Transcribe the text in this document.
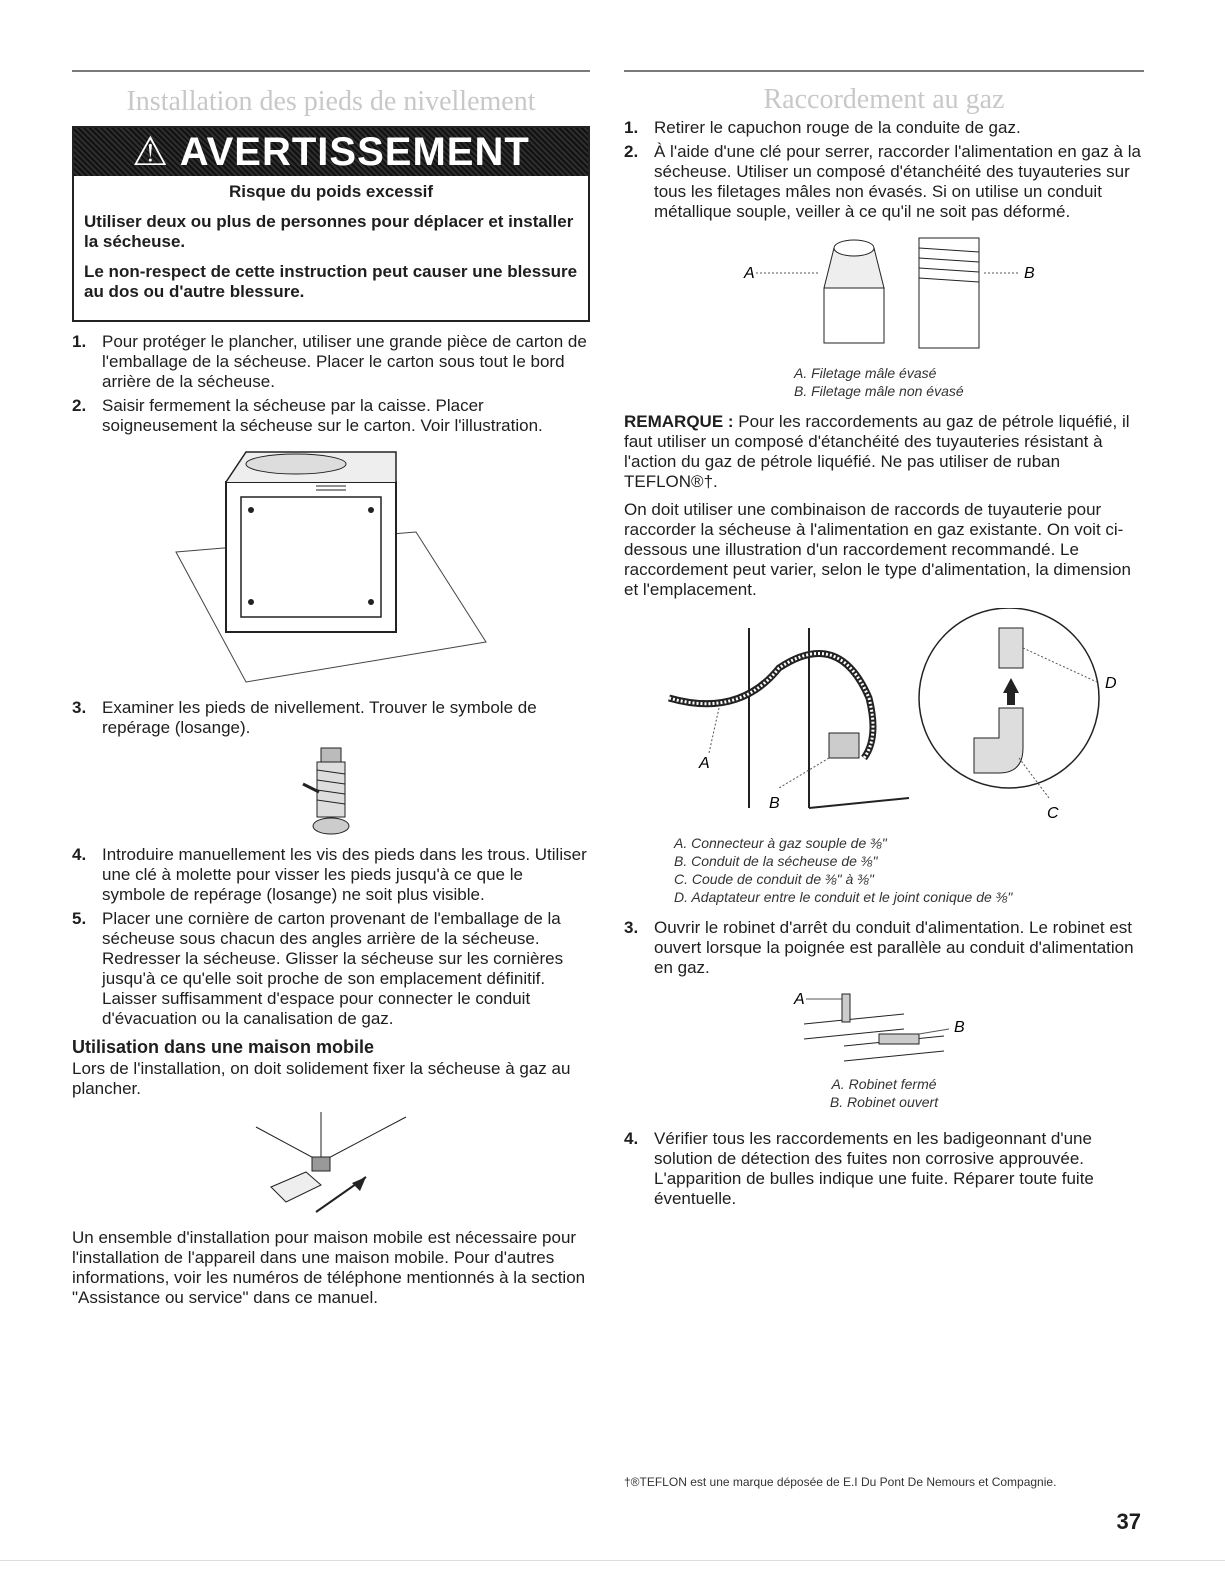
Installation des pieds de nivellement
⚠ AVERTISSEMENT
Risque du poids excessif

Utiliser deux ou plus de personnes pour déplacer et installer la sécheuse.

Le non-respect de cette instruction peut causer une blessure au dos ou d'autre blessure.

1. Pour protéger le plancher, utiliser une grande pièce de carton de l'emballage de la sécheuse. Placer le carton sous tout le bord arrière de la sécheuse.
2. Saisir fermement la sécheuse par la caisse. Placer soigneusement la sécheuse sur le carton. Voir l'illustration.
3. Examiner les pieds de nivellement. Trouver le symbole de repérage (losange).
4. Introduire manuellement les vis des pieds dans les trous. Utiliser une clé à molette pour visser les pieds jusqu'à ce que le symbole de repérage (losange) ne soit plus visible.
5. Placer une cornière de carton provenant de l'emballage de la sécheuse sous chacun des angles arrière de la sécheuse. Redresser la sécheuse. Glisser la sécheuse sur les cornières jusqu'à ce qu'elle soit proche de son emplacement définitif. Laisser suffisamment d'espace pour connecter le conduit d'évacuation ou la canalisation de gaz.
Utilisation dans une maison mobile

Lors de l'installation, on doit solidement fixer la sécheuse à gaz au plancher.

Un ensemble d'installation pour maison mobile est nécessaire pour l'installation de l'appareil dans une maison mobile. Pour d'autres informations, voir les numéros de téléphone mentionnés à la section "Assistance ou service" dans ce manuel.

Raccordement au gaz
1. Retirer le capuchon rouge de la conduite de gaz.
2. À l'aide d'une clé pour serrer, raccorder l'alimentation en gaz à la sécheuse. Utiliser un composé d'étanchéité des tuyauteries sur tous les filetages mâles non évasés. Si on utilise un conduit métallique souple, veiller à ce qu'il ne soit pas déformé.
A	B
A. Filetage mâle évasé
B. Filetage mâle non évasé

REMARQUE : Pour les raccordements au gaz de pétrole liquéfié, il faut utiliser un composé d'étanchéité des tuyauteries résistant à l'action du gaz de pétrole liquéfié. Ne pas utiliser de ruban TEFLON®†.

On doit utiliser une combinaison de raccords de tuyauterie pour raccorder la sécheuse à l'alimentation en gaz existante. On voit ci-dessous une illustration d'un raccordement recommandé. Le raccordement peut varier, selon le type d'alimentation, la dimension et l'emplacement.

D
C
A
B
A. Connecteur à gaz souple de ⅜"
B. Conduit de la sécheuse de ⅜"
C. Coude de conduit de ⅜" à ⅜"
D. Adaptateur entre le conduit et le joint conique de ⅜"
3. Ouvrir le robinet d'arrêt du conduit d'alimentation. Le robinet est ouvert lorsque la poignée est parallèle au conduit d'alimentation en gaz.
A
B
A. Robinet fermé
B. Robinet ouvert
4. Vérifier tous les raccordements en les badigeonnant d'une solution de détection des fuites non corrosive approuvée. L'apparition de bulles indique une fuite. Réparer toute fuite éventuelle.
†®TEFLON est une marque déposée de E.I Du Pont De Nemours et Compagnie.
37
